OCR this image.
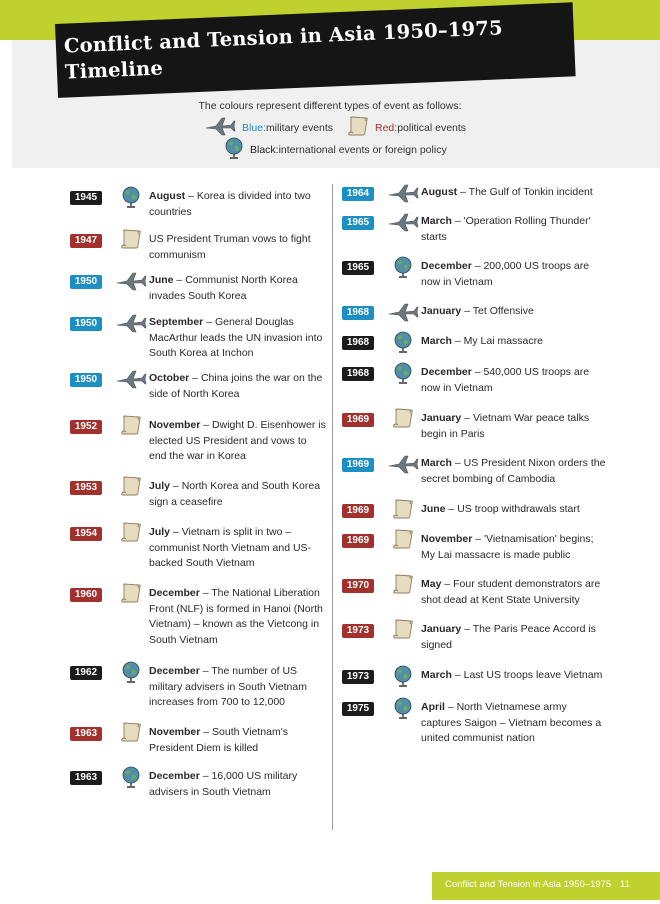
Conflict and Tension in Asia 1950–1975
Timeline
The colours represent different types of event as follows:
Blue: military events	Red: political events
Black: international events or foreign policy
1945	August – Korea is divided into two countries
1947	US President Truman vows to fight communism
1950	June – Communist North Korea invades South Korea
1950	September – General Douglas MacArthur leads the UN invasion into South Korea at Inchon
1950	October – China joins the war on the side of North Korea
1952	November – Dwight D. Eisenhower is elected US President and vows to end the war in Korea
1953	July – North Korea and South Korea sign a ceasefire
1954	July – Vietnam is split in two – communist North Vietnam and US-backed South Vietnam
1960	December – The National Liberation Front (NLF) is formed in Hanoi (North Vietnam) – known as the Vietcong in South Vietnam
1962	December – The number of US military advisers in South Vietnam increases from 700 to 12,000
1963	November – South Vietnam's President Diem is killed
1963	December – 16,000 US military advisers in South Vietnam
1964	August – The Gulf of Tonkin incident
1965	March – 'Operation Rolling Thunder' starts
1965	December – 200,000 US troops are now in Vietnam
1968	January – Tet Offensive
1968	March – My Lai massacre
1968	December – 540,000 US troops are now in Vietnam
1969	January – Vietnam War peace talks begin in Paris
1969	March – US President Nixon orders the secret bombing of Cambodia
1969	June – US troop withdrawals start
1969	November – 'Vietnamisation' begins; My Lai massacre is made public
1970	May – Four student demonstrators are shot dead at Kent State University
1973	January – The Paris Peace Accord is signed
1973	March – Last US troops leave Vietnam
1975	April – North Vietnamese army captures Saigon – Vietnam becomes a united communist nation
Conflict and Tension in Asia 1950–1975 11
